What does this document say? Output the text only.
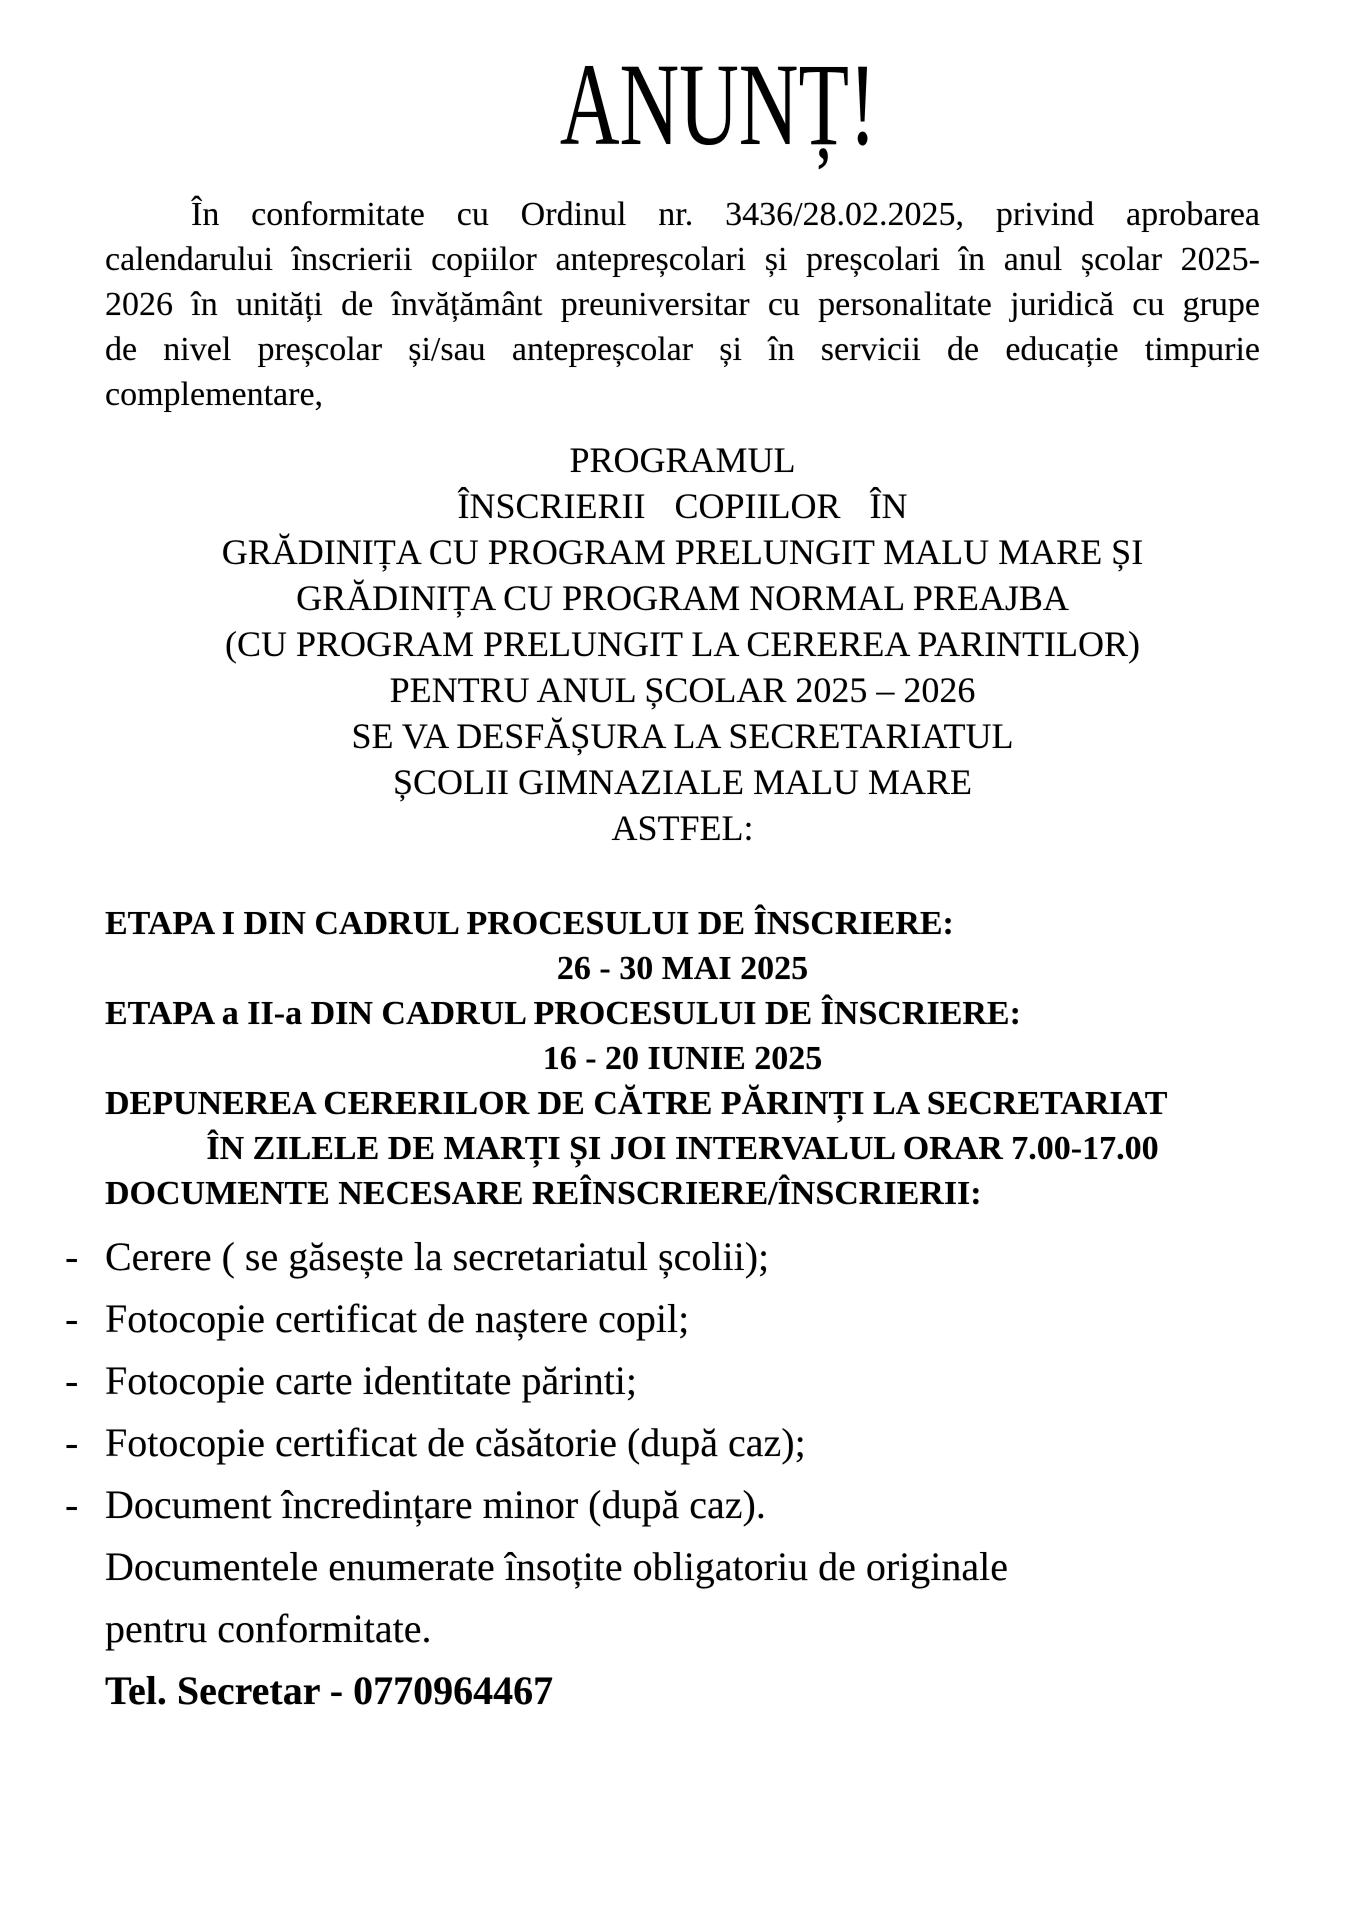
ANUNȚ!

În conformitate cu Ordinul nr. 3436/28.02.2025, privind aprobarea calendarului înscrierii copiilor antepreșcolari și preșcolari în anul școlar 2025-2026 în unități de învățământ preuniversitar cu personalitate juridică cu grupe de nivel preșcolar și/sau antepreșcolar și în servicii de educație timpurie complementare,

PROGRAMUL
ÎNSCRIERII COPIILOR ÎN
GRĂDINIȚA CU PROGRAM PRELUNGIT MALU MARE ȘI
GRĂDINIȚA CU PROGRAM NORMAL PREAJBA
(CU PROGRAM PRELUNGIT LA CEREREA PARINTILOR)
PENTRU ANUL ȘCOLAR 2025 – 2026
SE VA DESFĂȘURA LA SECRETARIATUL
ȘCOLII GIMNAZIALE MALU MARE
ASTFEL:
ETAPA I DIN CADRUL PROCESULUI DE ÎNSCRIERE:
26 - 30 MAI 2025
ETAPA a II-a DIN CADRUL PROCESULUI DE ÎNSCRIERE:
16 - 20 IUNIE 2025
DEPUNEREA CERERILOR DE CĂTRE PĂRINȚI LA SECRETARIAT
ÎN ZILELE DE MARȚI ȘI JOI INTERVALUL ORAR 7.00-17.00
DOCUMENTE NECESARE REÎNSCRIERE/ÎNSCRIERII:
- Cerere ( se găsește la secretariatul școlii);
- Fotocopie certificat de naștere copil;
- Fotocopie carte identitate părinti;
- Fotocopie certificat de căsătorie (după caz);
- Document încredințare minor (după caz).
Documentele enumerate însoțite obligatoriu de originale
pentru conformitate.
Tel. Secretar - 0770964467
